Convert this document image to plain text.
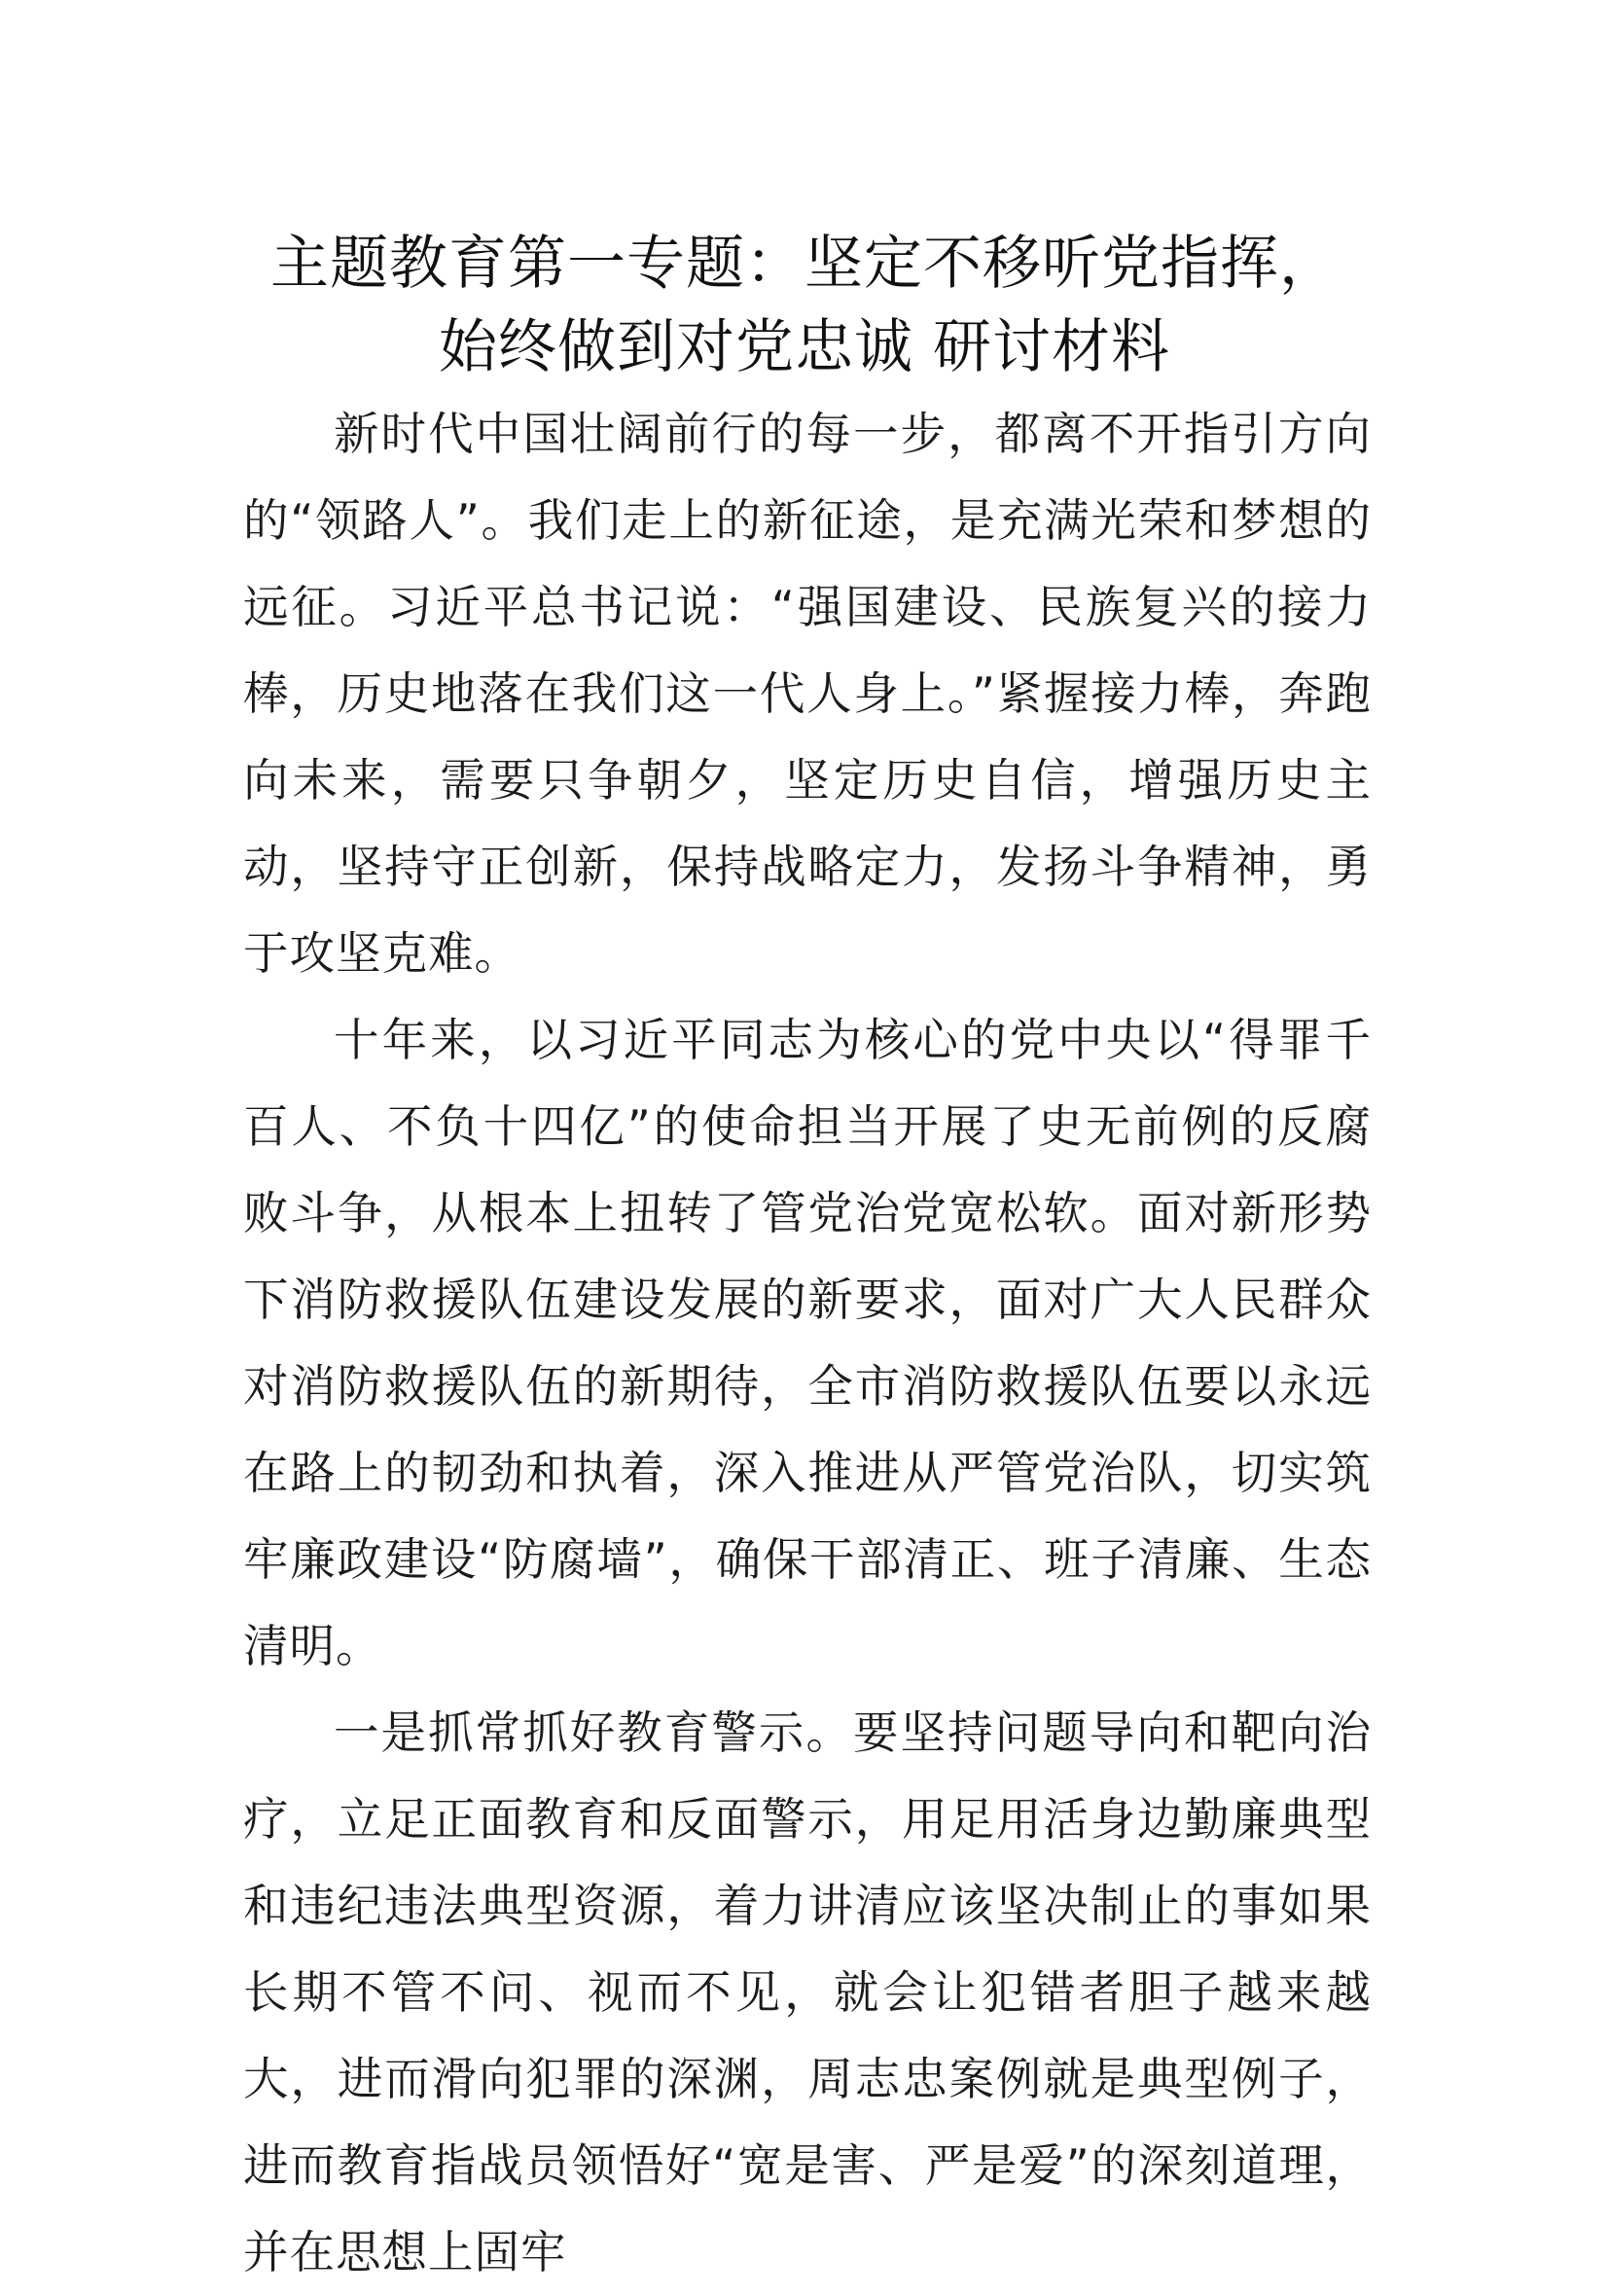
主题教育第一专题：坚定不移听党指挥，
始终做到对党忠诚 研讨材料

新时代中国壮阔前行的每一步，都离不开指引方向的“领路人”。我们走上的新征途，是充满光荣和梦想的远征。习近平总书记说：“强国建设、民族复兴的接力棒，历史地落在我们这一代人身上。”紧握接力棒，奔跑向未来，需要只争朝夕，坚定历史自信，增强历史主动，坚持守正创新，保持战略定力，发扬斗争精神，勇于攻坚克难。

十年来，以习近平同志为核心的党中央以“得罪千百人、不负十四亿”的使命担当开展了史无前例的反腐败斗争，从根本上扭转了管党治党宽松软。面对新形势下消防救援队伍建设发展的新要求，面对广大人民群众对消防救援队伍的新期待，全市消防救援队伍要以永远在路上的韧劲和执着，深入推进从严管党治队，切实筑牢廉政建设“防腐墙”，确保干部清正、班子清廉、生态清明。

一是抓常抓好教育警示。要坚持问题导向和靶向治疗，立足正面教育和反面警示，用足用活身边勤廉典型和违纪违法典型资源，着力讲清应该坚决制止的事如果长期不管不问、视而不见，就会让犯错者胆子越来越大，进而滑向犯罪的深渊，周志忠案例就是典型例子，进而教育指战员领悟好“宽是害、严是爱”的深刻道理，并在思想上固牢
